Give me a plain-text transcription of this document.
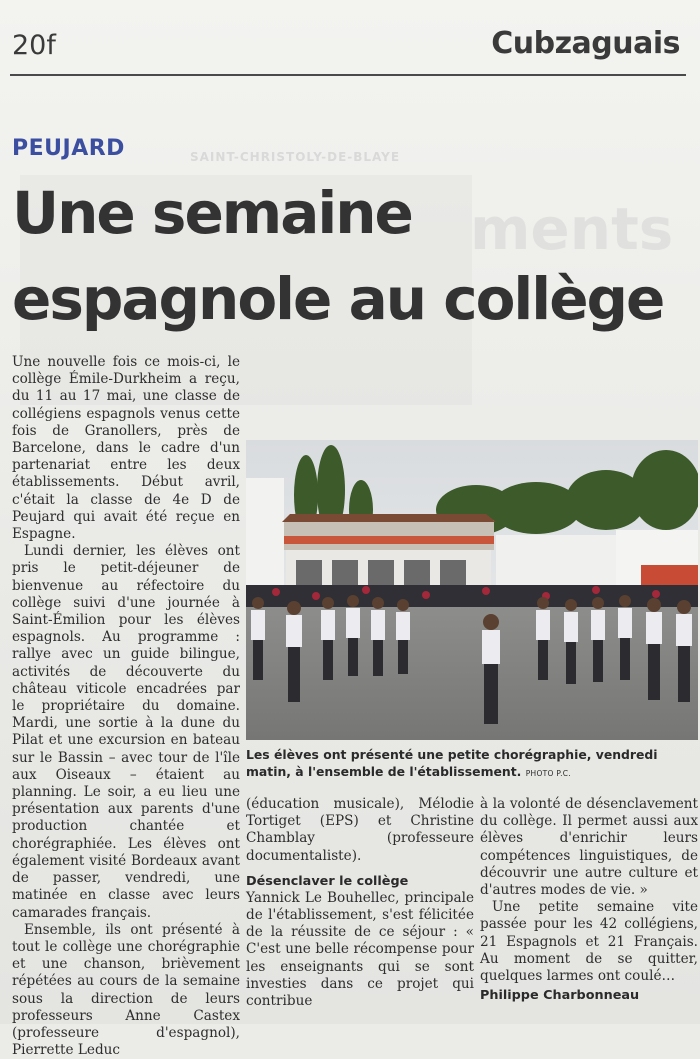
ments
SAINT-CHRISTOLY-DE-BLAYE
20f	Cubzaguais
PEUJARD
Une semaine
espagnole au collège

Une nouvelle fois ce mois-ci, le collège Émile-Durkheim a reçu, du 11 au 17 mai, une classe de collégiens espagnols venus cette fois de Granollers, près de Barcelone, dans le cadre d'un partenariat entre les deux établissements. Début avril, c'était la classe de 4e D de Peujard qui avait été reçue en Espagne.

Lundi dernier, les élèves ont pris le petit-déjeuner de bienvenue au réfectoire du collège suivi d'une journée à Saint-Émilion pour les élèves espagnols. Au programme : rallye avec un guide bilingue, activités de découverte du château viticole encadrées par le propriétaire du domaine. Mardi, une sortie à la dune du Pilat et une excursion en bateau sur le Bassin – avec tour de l'île aux Oiseaux – étaient au planning. Le soir, a eu lieu une présentation aux parents d'une production chantée et chorégraphiée. Les élèves ont également visité Bordeaux avant de passer, vendredi, une matinée en classe avec leurs camarades français.

Ensemble, ils ont présenté à tout le collège une chorégraphie et une chanson, brièvement répétées au cours de la semaine sous la direction de leurs professeurs Anne Castex (professeure d'espagnol), Pierrette Leduc

Les élèves ont présenté une petite chorégraphie, vendredi matin, à l'ensemble de l'établissement. PHOTO P.C.

(éducation musicale), Mélodie Tortiget (EPS) et Christine Chamblay (professeure documentaliste).

Désenclaver le collège

Yannick Le Bouhellec, principale de l'établissement, s'est félicitée de la réussite de ce séjour : « C'est une belle récompense pour les enseignants qui se sont investies dans ce projet qui contribue

à la volonté de désenclavement du collège. Il permet aussi aux élèves d'enrichir leurs compétences linguistiques, de découvrir une autre culture et d'autres modes de vie. »

Une petite semaine vite passée pour les 42 collégiens, 21 Espagnols et 21 Français. Au moment de se quitter, quelques larmes ont coulé…

Philippe Charbonneau
